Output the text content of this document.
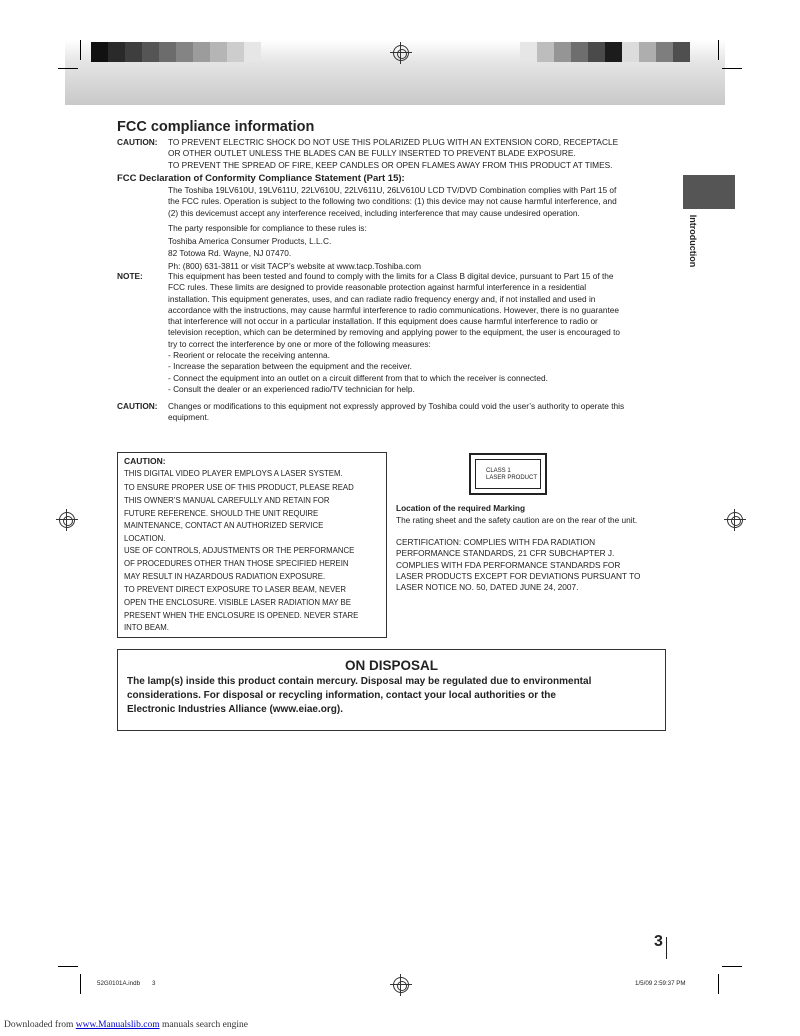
Introduction
FCC compliance information
CAUTION: TO PREVENT ELECTRIC SHOCK DO NOT USE THIS POLARIZED PLUG WITH AN EXTENSION CORD, RECEPTACLE
OR OTHER OUTLET UNLESS THE BLADES CAN BE FULLY INSERTED TO PREVENT BLADE EXPOSURE.
TO PREVENT THE SPREAD OF FIRE, KEEP CANDLES OR OPEN FLAMES AWAY FROM THIS PRODUCT AT TIMES.
FCC Declaration of Conformity Compliance Statement (Part 15):
The Toshiba 19LV610U, 19LV611U, 22LV610U, 22LV611U, 26LV610U LCD TV/DVD Combination complies with Part 15 of
the FCC rules. Operation is subject to the following two conditions: (1) this device may not cause harmful interference, and
(2) this devicemust accept any interference received, including interference that may cause undesired operation.
The party responsible for compliance to these rules is:
Toshiba America Consumer Products, L.L.C.
82 Totowa Rd. Wayne, NJ 07470.
Ph: (800) 631-3811 or visit TACP’s website at www.tacp.Toshiba.com
NOTE:	This equipment has been tested and found to comply with the limits for a Class B digital device, pursuant to Part 15 of the
FCC rules. These limits are designed to provide reasonable protection against harmful interference in a residential
installation. This equipment generates, uses, and can radiate radio frequency energy and, if not installed and used in
accordance with the instructions, may cause harmful interference to radio communications. However, there is no guarantee
that interference will not occur in a particular installation. If this equipment does cause harmful interference to radio or
television reception, which can be determined by removing and applying power to the equipment, the user is encouraged to
try to correct the interference by one or more of the following measures:
- Reorient or relocate the receiving antenna.
- Increase the separation between the equipment and the receiver.
- Connect the equipment into an outlet on a circuit different from that to which the receiver is connected.
- Consult the dealer or an experienced radio/TV technician for help.
CAUTION: Changes or modifications to this equipment not expressly approved by Toshiba could void the user’s authority to operate this
equipment.
CAUTION:
THIS DIGITAL VIDEO PLAYER EMPLOYS A LASER SYSTEM.
TO ENSURE PROPER USE OF THIS PRODUCT, PLEASE READ
THIS OWNER’S MANUAL CAREFULLY AND RETAIN FOR
FUTURE REFERENCE. SHOULD THE UNIT REQUIRE
MAINTENANCE, CONTACT AN AUTHORIZED SERVICE
LOCATION.
USE OF CONTROLS, ADJUSTMENTS OR THE PERFORMANCE
OF PROCEDURES OTHER THAN THOSE SPECIFIED HEREIN
MAY RESULT IN HAZARDOUS RADIATION EXPOSURE.
TO PREVENT DIRECT EXPOSURE TO LASER BEAM, NEVER
OPEN THE ENCLOSURE. VISIBLE LASER RADIATION MAY BE
PRESENT WHEN THE ENCLOSURE IS OPENED. NEVER STARE
INTO BEAM.
CLASS 1
LASER PRODUCT
Location of the required Marking
The rating sheet and the safety caution are on the rear of the unit.
CERTIFICATION: COMPLIES WITH FDA RADIATION
PERFORMANCE STANDARDS, 21 CFR SUBCHAPTER J.
COMPLIES WITH FDA PERFORMANCE STANDARDS FOR
LASER PRODUCTS EXCEPT FOR DEVIATIONS PURSUANT TO
LASER NOTICE NO. 50, DATED JUNE 24, 2007.
ON DISPOSAL
The lamp(s) inside this product contain mercury. Disposal may be regulated due to environmental
considerations. For disposal or recycling information, contact your local authorities or the
Electronic Industries Alliance (www.eiae.org).
3
52G0101A.indb 3	1/5/09 2:59:37 PM
Downloaded from www.Manualslib.com manuals search engine
